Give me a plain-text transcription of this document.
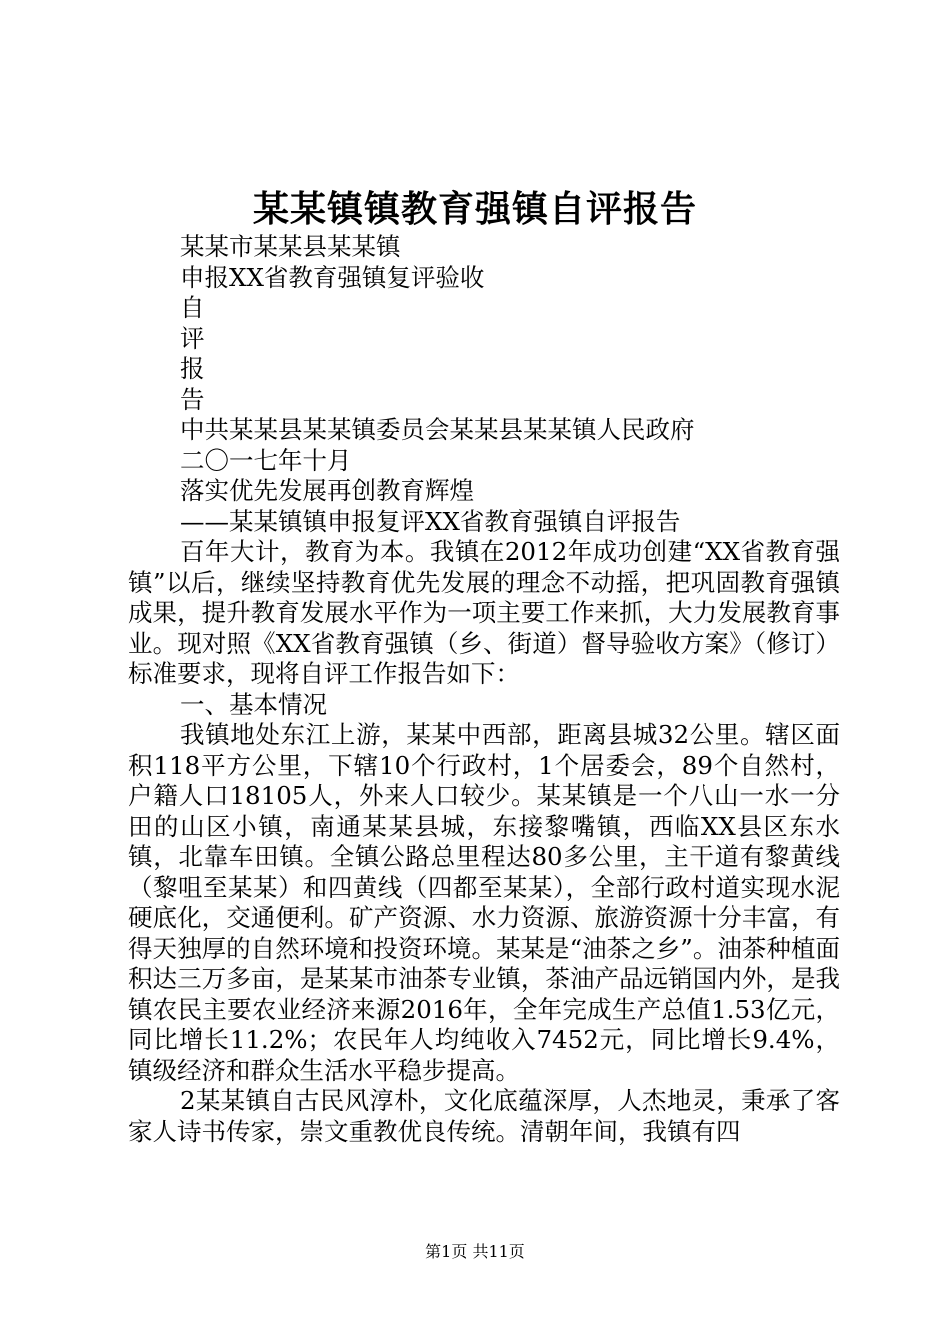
某某镇镇教育强镇自评报告
某某市某某县某某镇
申报XX省教育强镇复评验收
自
评
报
告
中共某某县某某镇委员会某某县某某镇人民政府
二〇一七年十月
落实优先发展再创教育辉煌
——某某镇镇申报复评XX省教育强镇自评报告

百年大计，教育为本。我镇在2012年成功创建“XX省教育强镇”以后，继续坚持教育优先发展的理念不动摇，把巩固教育强镇成果，提升教育发展水平作为一项主要工作来抓，大力发展教育事业。现对照《XX省教育强镇（乡、街道）督导验收方案》（修订）标准要求，现将自评工作报告如下：

一、基本情况

我镇地处东江上游，某某中西部，距离县城32公里。辖区面积118平方公里，下辖10个行政村，1个居委会，89个自然村，户籍人口18105人，外来人口较少。某某镇是一个八山一水一分田的山区小镇，南通某某县城，东接黎嘴镇，西临XX县区东水镇，北靠车田镇。全镇公路总里程达80多公里，主干道有黎黄线（黎咀至某某）和四黄线（四都至某某），全部行政村道实现水泥硬底化，交通便利。矿产资源、水力资源、旅游资源十分丰富，有得天独厚的自然环境和投资环境。某某是“油茶之乡”。油茶种植面积达三万多亩，是某某市油茶专业镇，茶油产品远销国内外，是我镇农民主要农业经济来源2016年，全年完成生产总值1.53亿元，同比增长11.2%；农民年人均纯收入7452元，同比增长9.4%，镇级经济和群众生活水平稳步提高。

2某某镇自古民风淳朴，文化底蕴深厚，人杰地灵，秉承了客家人诗书传家，崇文重教优良传统。清朝年间，我镇有四

第1页 共11页
